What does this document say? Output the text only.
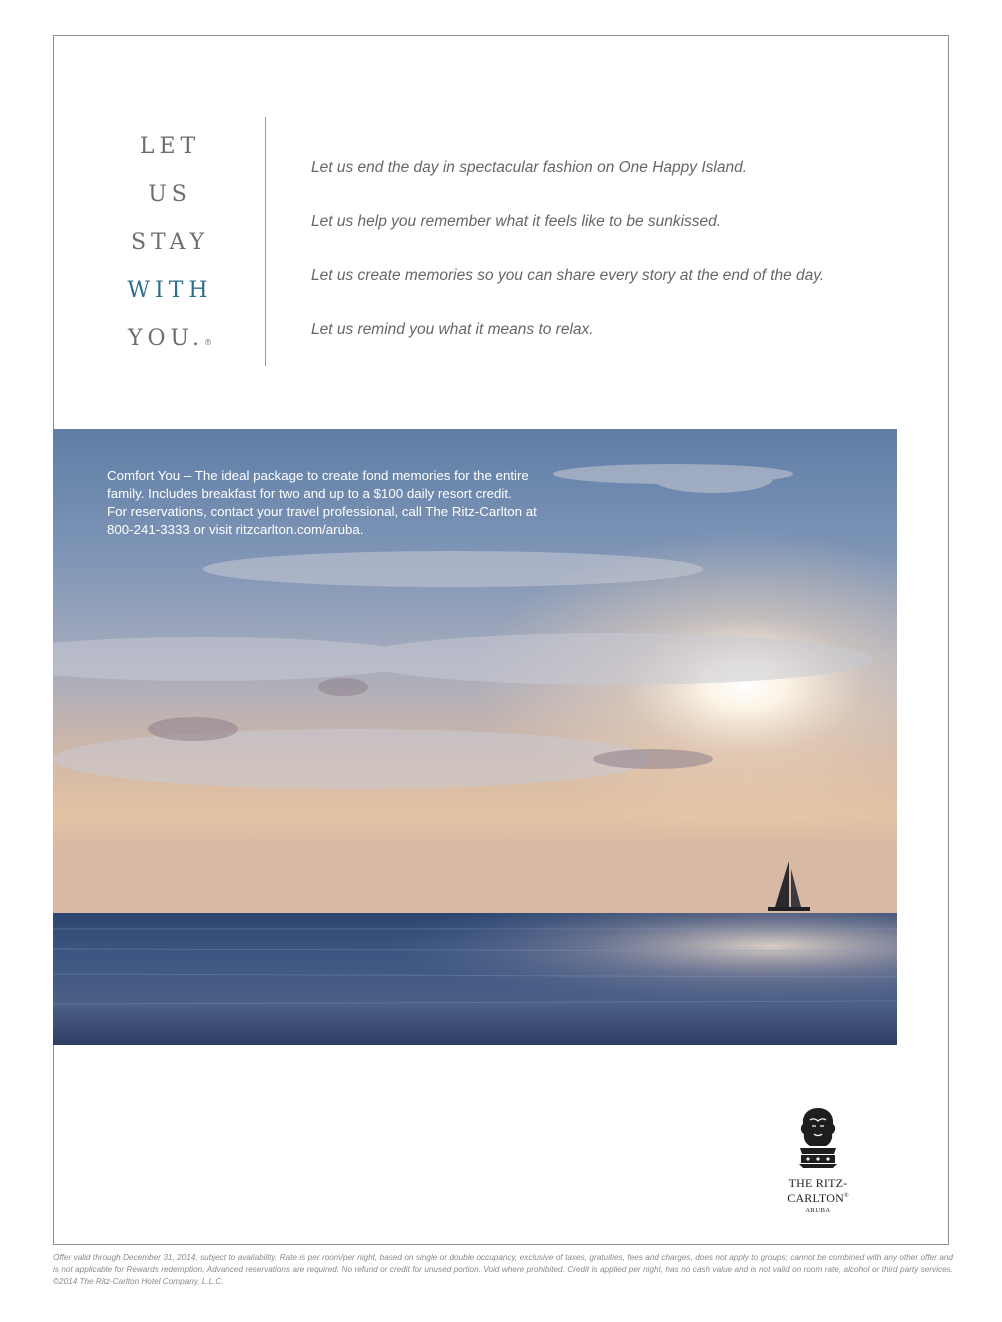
LET
US
STAY
WITH
YOU.®
Let us end the day in spectacular fashion on One Happy Island.
Let us help you remember what it feels like to be sunkissed.
Let us create memories so you can share every story at the end of the day.
Let us remind you what it means to relax.
Comfort You – The ideal package to create fond memories for the entire
family. Includes breakfast for two and up to a $100 daily resort credit.
For reservations, contact your travel professional, call The Ritz-Carlton at
800-241-3333 or visit ritzcarlton.com/aruba.
THE RITZ-CARLTON®
ARUBA
Offer valid through December 31, 2014, subject to availability. Rate is per room/per night, based on single or double occupancy, exclusive of taxes, gratuities, fees and charges, does not apply to groups; cannot be combined with any other offer and is not applicable for Rewards redemption. Advanced reservations are required. No refund or credit for unused portion. Void where prohibited. Credit is applied per night, has no cash value and is not valid on room rate, alcohol or third party services. ©2014 The Ritz-Carlton Hotel Company, L.L.C.
